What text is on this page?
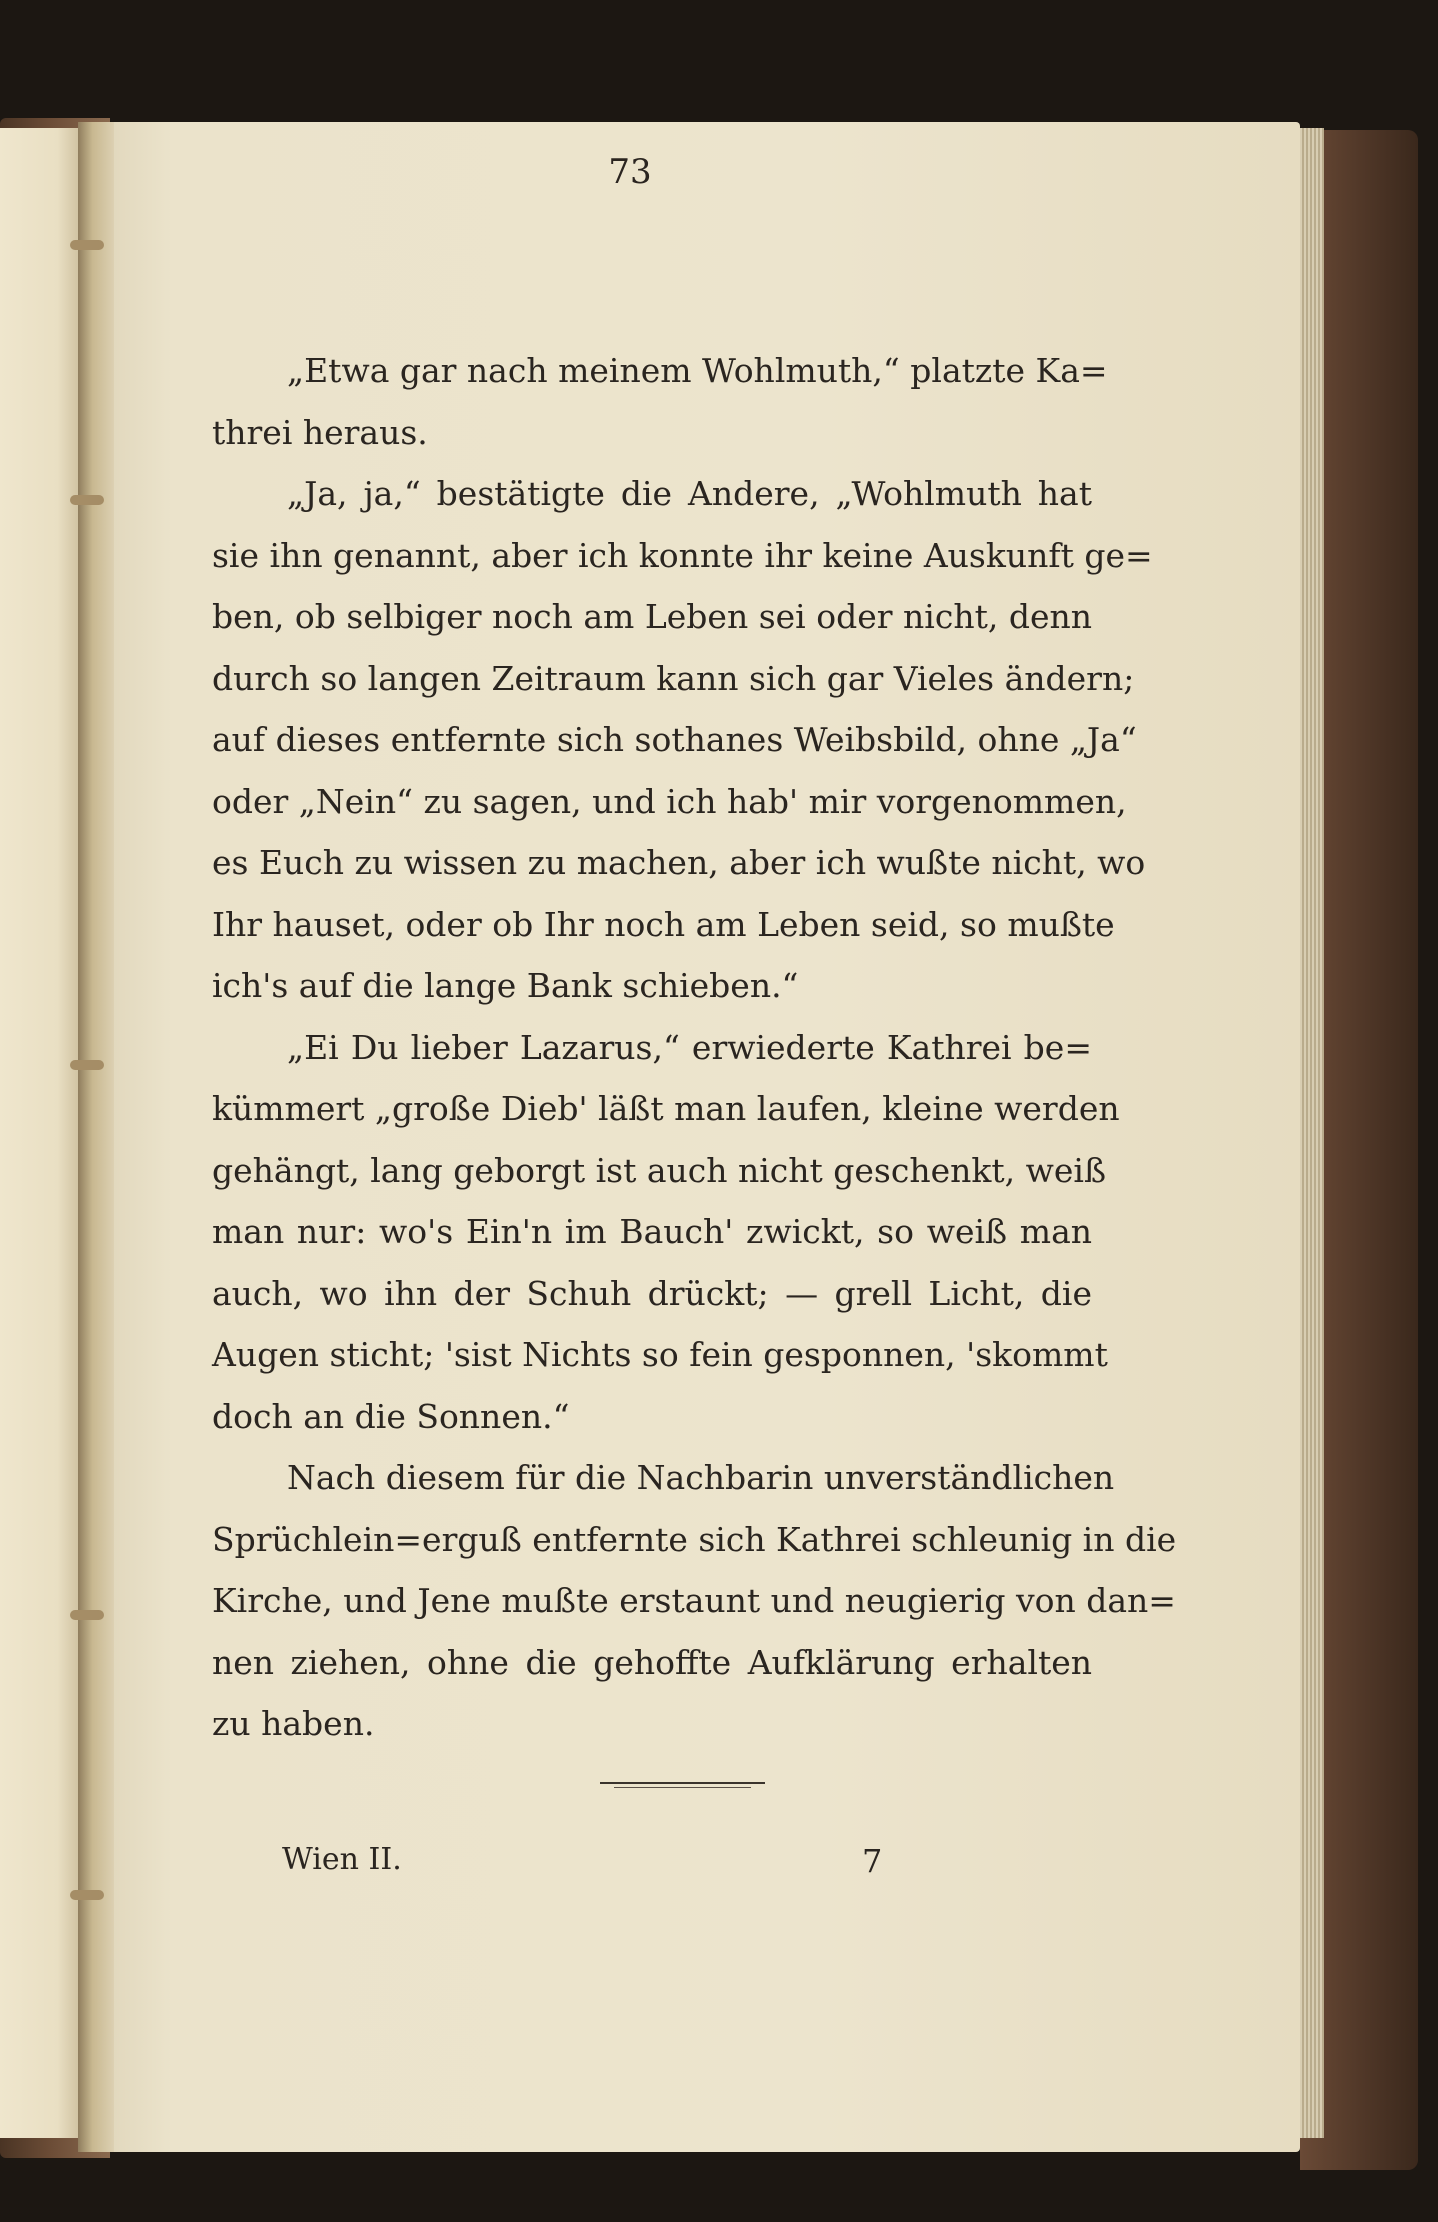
73
„Etwa gar nach meinem Wohlmuth,“ platzte Ka=
threi heraus.
„Ja, ja,“ bestätigte die Andere, „Wohlmuth hat
sie ihn genannt, aber ich konnte ihr keine Auskunft ge=
ben, ob selbiger noch am Leben sei oder nicht, denn
durch so langen Zeitraum kann sich gar Vieles ändern;
auf dieses entfernte sich sothanes Weibsbild, ohne „Ja“
oder „Nein“ zu sagen, und ich hab' mir vorgenommen,
es Euch zu wissen zu machen, aber ich wußte nicht, wo
Ihr hauset, oder ob Ihr noch am Leben seid, so mußte
ich's auf die lange Bank schieben.“
„Ei Du lieber Lazarus,“ erwiederte Kathrei be=
kümmert „große Dieb' läßt man laufen, kleine werden
gehängt, lang geborgt ist auch nicht geschenkt, weiß
man nur: wo's Ein'n im Bauch' zwickt, so weiß man
auch, wo ihn der Schuh drückt; — grell Licht, die
Augen sticht; 'sist Nichts so fein gesponnen, 'skommt
doch an die Sonnen.“
Nach diesem für die Nachbarin unverständlichen
Sprüchlein=erguß entfernte sich Kathrei schleunig in die
Kirche, und Jene mußte erstaunt und neugierig von dan=
nen ziehen, ohne die gehoffte Aufklärung erhalten
zu haben.
Wien II.	7
